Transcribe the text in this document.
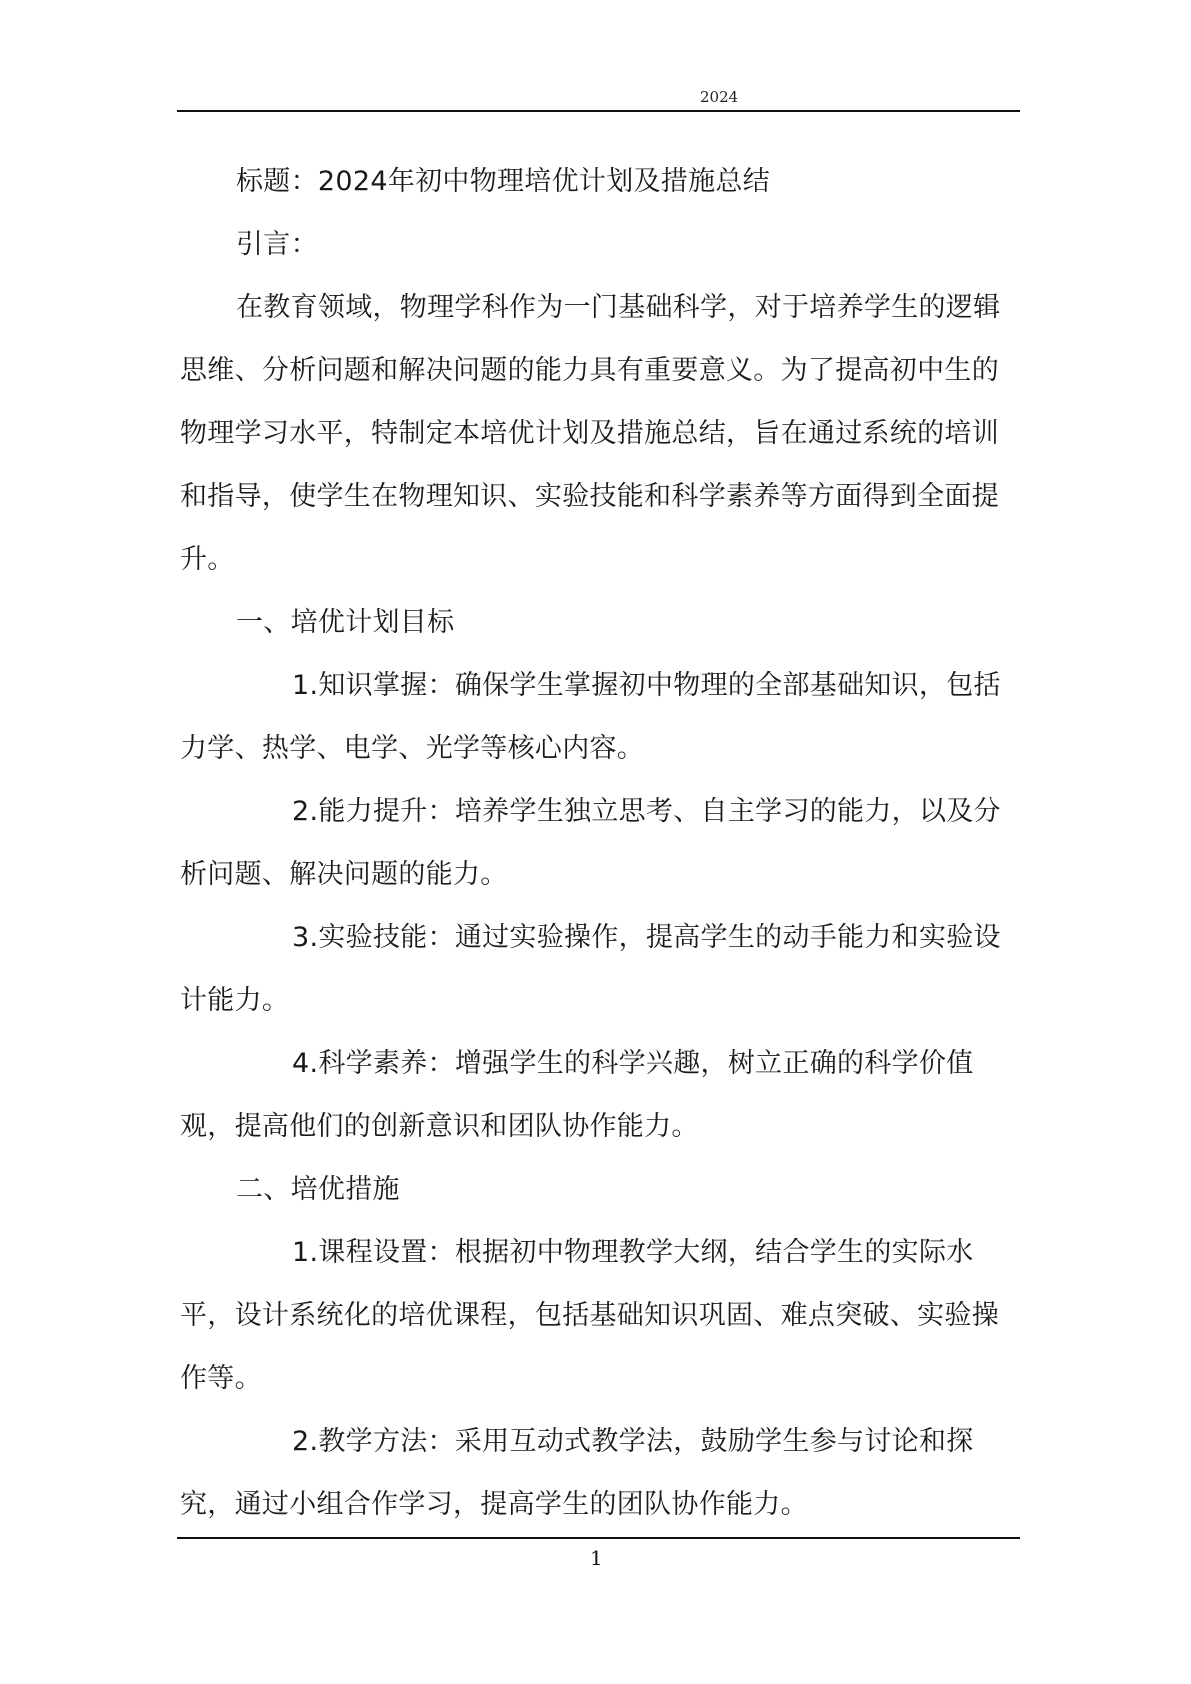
2024

标题：2024年初中物理培优计划及措施总结

引言：

在教育领域，物理学科作为一门基础科学，对于培养学生的逻辑思维、分析问题和解决问题的能力具有重要意义。为了提高初中生的物理学习水平，特制定本培优计划及措施总结，旨在通过系统的培训和指导，使学生在物理知识、实验技能和科学素养等方面得到全面提升。

一、培优计划目标

1.知识掌握：确保学生掌握初中物理的全部基础知识，包括力学、热学、电学、光学等核心内容。

2.能力提升：培养学生独立思考、自主学习的能力，以及分析问题、解决问题的能力。

3.实验技能：通过实验操作，提高学生的动手能力和实验设计能力。

4.科学素养：增强学生的科学兴趣，树立正确的科学价值观，提高他们的创新意识和团队协作能力。

二、培优措施

1.课程设置：根据初中物理教学大纲，结合学生的实际水平，设计系统化的培优课程，包括基础知识巩固、难点突破、实验操作等。

2.教学方法：采用互动式教学法，鼓励学生参与讨论和探究，通过小组合作学习，提高学生的团队协作能力。

1
